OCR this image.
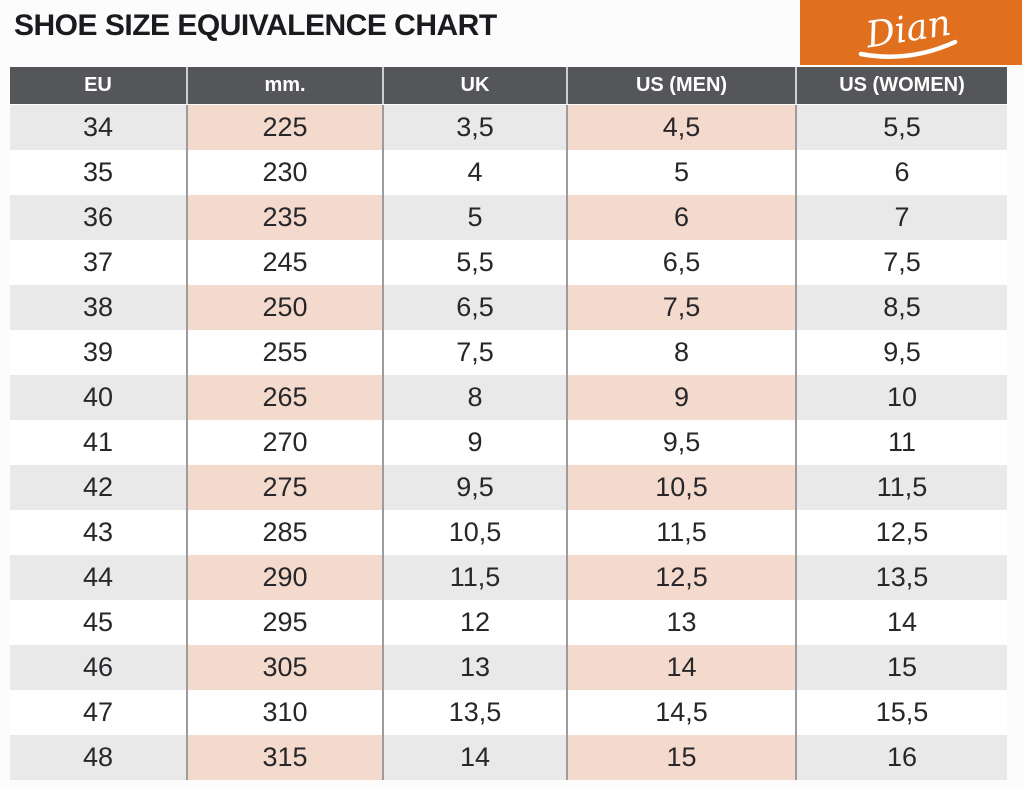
SHOE SIZE EQUIVALENCE CHART	Dian
EU	mm.	UK	US (MEN)	US (WOMEN)
34	225	3,5	4,5	5,5
35	230	4	5	6
36	235	5	6	7
37	245	5,5	6,5	7,5
38	250	6,5	7,5	8,5
39	255	7,5	8	9,5
40	265	8	9	10
41	270	9	9,5	11
42	275	9,5	10,5	11,5
43	285	10,5	11,5	12,5
44	290	11,5	12,5	13,5
45	295	12	13	14
46	305	13	14	15
47	310	13,5	14,5	15,5
48	315	14	15	16
